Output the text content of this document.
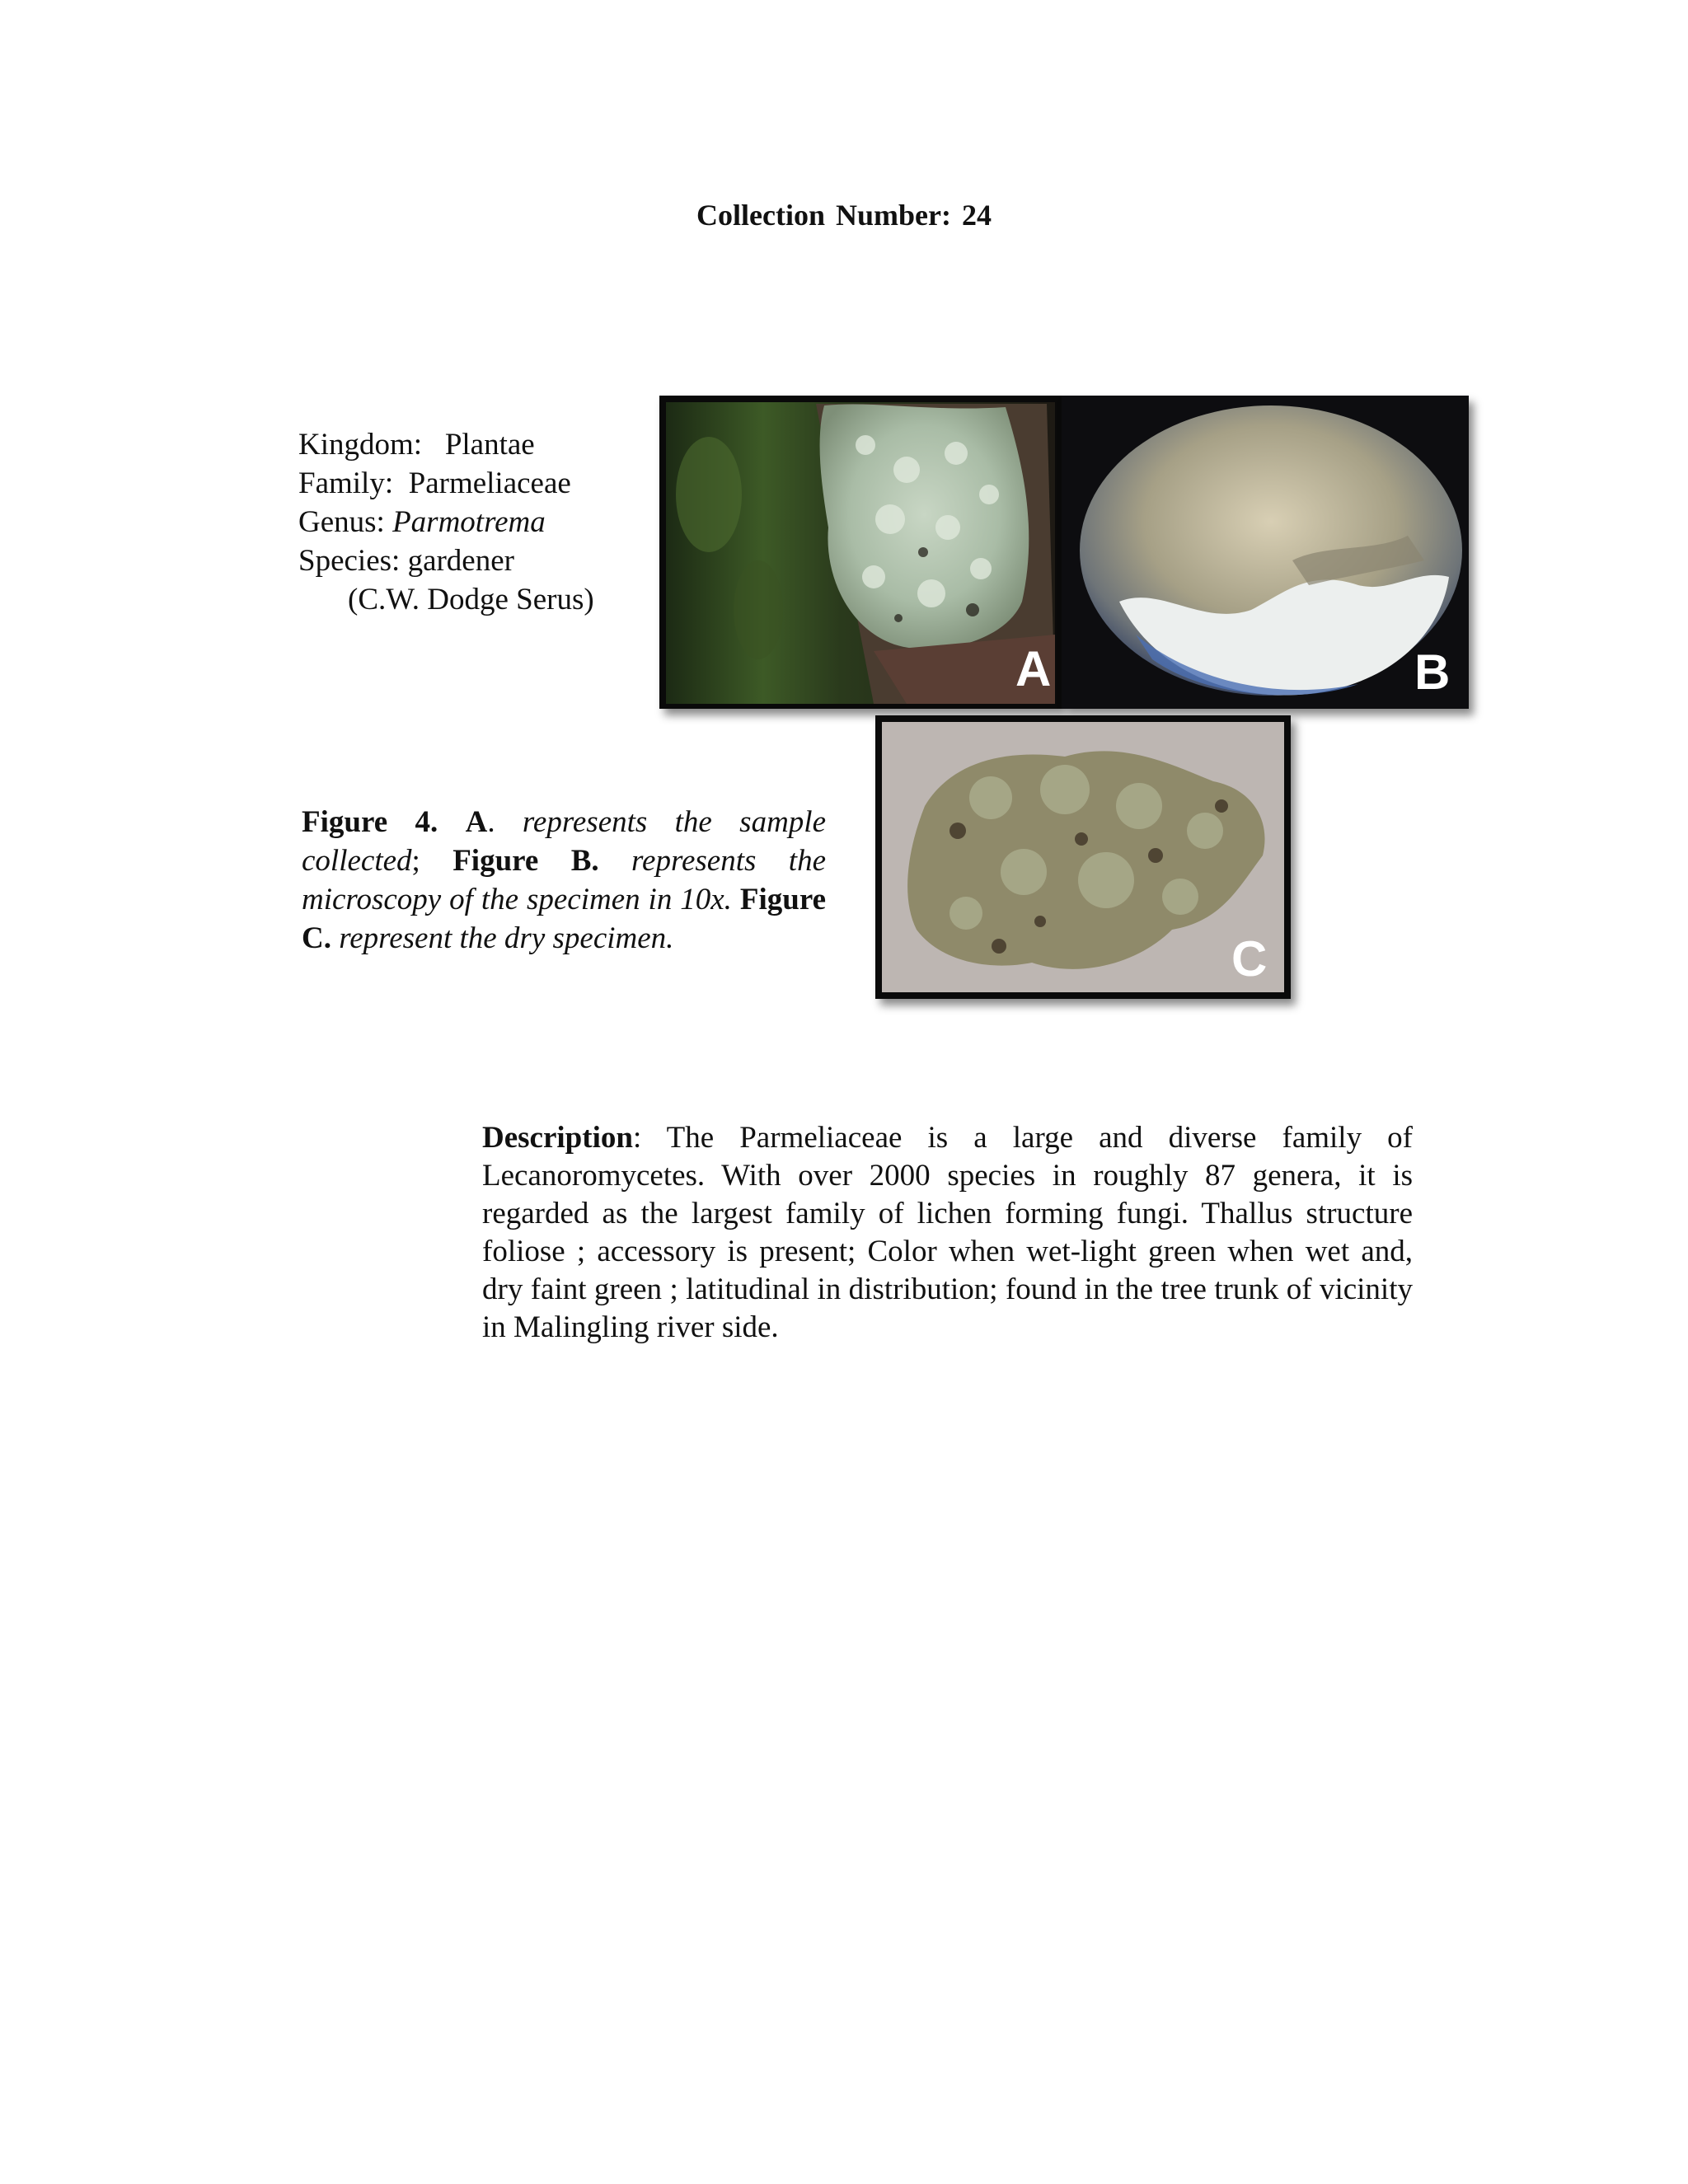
Collection Number: 24
Kingdom: Plantae
Family: Parmeliaceae
Genus: Parmotrema
Species: gardener
(C.W. Dodge Serus)
A	B
C
Figure 4. A. represents the sample collected; Figure B. represents the microscopy of the specimen in 10x. Figure C. represent the dry specimen.
Description: The Parmeliaceae is a large and diverse family of Lecanoromycetes. With over 2000 species in roughly 87 genera, it is regarded as the largest family of lichen forming fungi. Thallus structure foliose ; accessory is present; Color when wet-light green when wet and, dry faint green ; latitudinal in distribution; found in the tree trunk of vicinity in Malingling river side.
